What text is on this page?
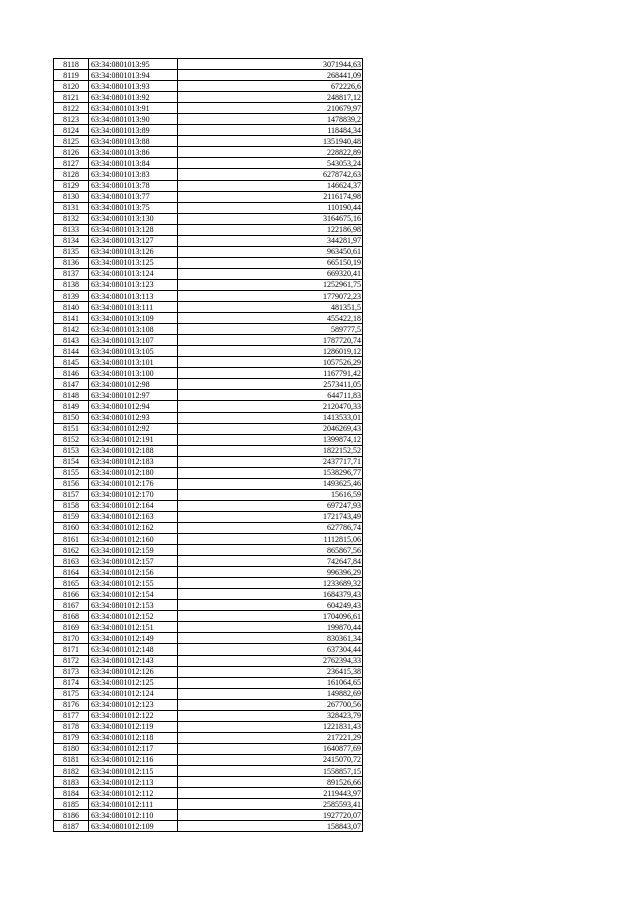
8118	63:34:0801013:95	3071944,63
8119	63:34:0801013:94	268441,09
8120	63:34:0801013:93	672226,6
8121	63:34:0801013:92	248817,12
8122	63:34:0801013:91	210679,97
8123	63:34:0801013:90	1478839,2
8124	63:34:0801013:89	118484,34
8125	63:34:0801013:88	1351940,48
8126	63:34:0801013:86	228822,89
8127	63:34:0801013:84	543053,24
8128	63:34:0801013:83	6278742,63
8129	63:34:0801013:78	146624,37
8130	63:34:0801013:77	2116174,98
8131	63:34:0801013:75	110190,44
8132	63:34:0801013:130	3164675,16
8133	63:34:0801013:128	122186,98
8134	63:34:0801013:127	344281,97
8135	63:34:0801013:126	963450,61
8136	63:34:0801013:125	665150,19
8137	63:34:0801013:124	669320,41
8138	63:34:0801013:123	1252961,75
8139	63:34:0801013:113	1779072,23
8140	63:34:0801013:111	481351,5
8141	63:34:0801013:109	455422,18
8142	63:34:0801013:108	589777,5
8143	63:34:0801013:107	1787720,74
8144	63:34:0801013:105	1286019,12
8145	63:34:0801013:101	1057526,29
8146	63:34:0801013:100	1167791,42
8147	63:34:0801012:98	2573411,05
8148	63:34:0801012:97	644711,83
8149	63:34:0801012:94	2120470,33
8150	63:34:0801012:93	1413533,01
8151	63:34:0801012:92	2046269,43
8152	63:34:0801012:191	1399874,12
8153	63:34:0801012:188	1822152,52
8154	63:34:0801012:183	2437717,71
8155	63:34:0801012:180	1538296,77
8156	63:34:0801012:176	1493625,46
8157	63:34:0801012:170	15616,59
8158	63:34:0801012:164	697247,93
8159	63:34:0801012:163	1721743,49
8160	63:34:0801012:162	627786,74
8161	63:34:0801012:160	1112815,06
8162	63:34:0801012:159	865867,56
8163	63:34:0801012:157	742647,84
8164	63:34:0801012:156	996396,29
8165	63:34:0801012:155	1233689,32
8166	63:34:0801012:154	1684379,43
8167	63:34:0801012:153	604249,43
8168	63:34:0801012:152	1704096,61
8169	63:34:0801012:151	199870,44
8170	63:34:0801012:149	830361,34
8171	63:34:0801012:148	637304,44
8172	63:34:0801012:143	2762394,33
8173	63:34:0801012:126	236415,38
8174	63:34:0801012:125	161064,65
8175	63:34:0801012:124	149882,69
8176	63:34:0801012:123	267700,56
8177	63:34:0801012:122	328423,79
8178	63:34:0801012:119	1221831,43
8179	63:34:0801012:118	217221,29
8180	63:34:0801012:117	1640877,69
8181	63:34:0801012:116	2415070,72
8182	63:34:0801012:115	1558857,15
8183	63:34:0801012:113	891526,66
8184	63:34:0801012:112	2119443,97
8185	63:34:0801012:111	2585593,41
8186	63:34:0801012:110	1927720,07
8187	63:34:0801012:109	158843,07
